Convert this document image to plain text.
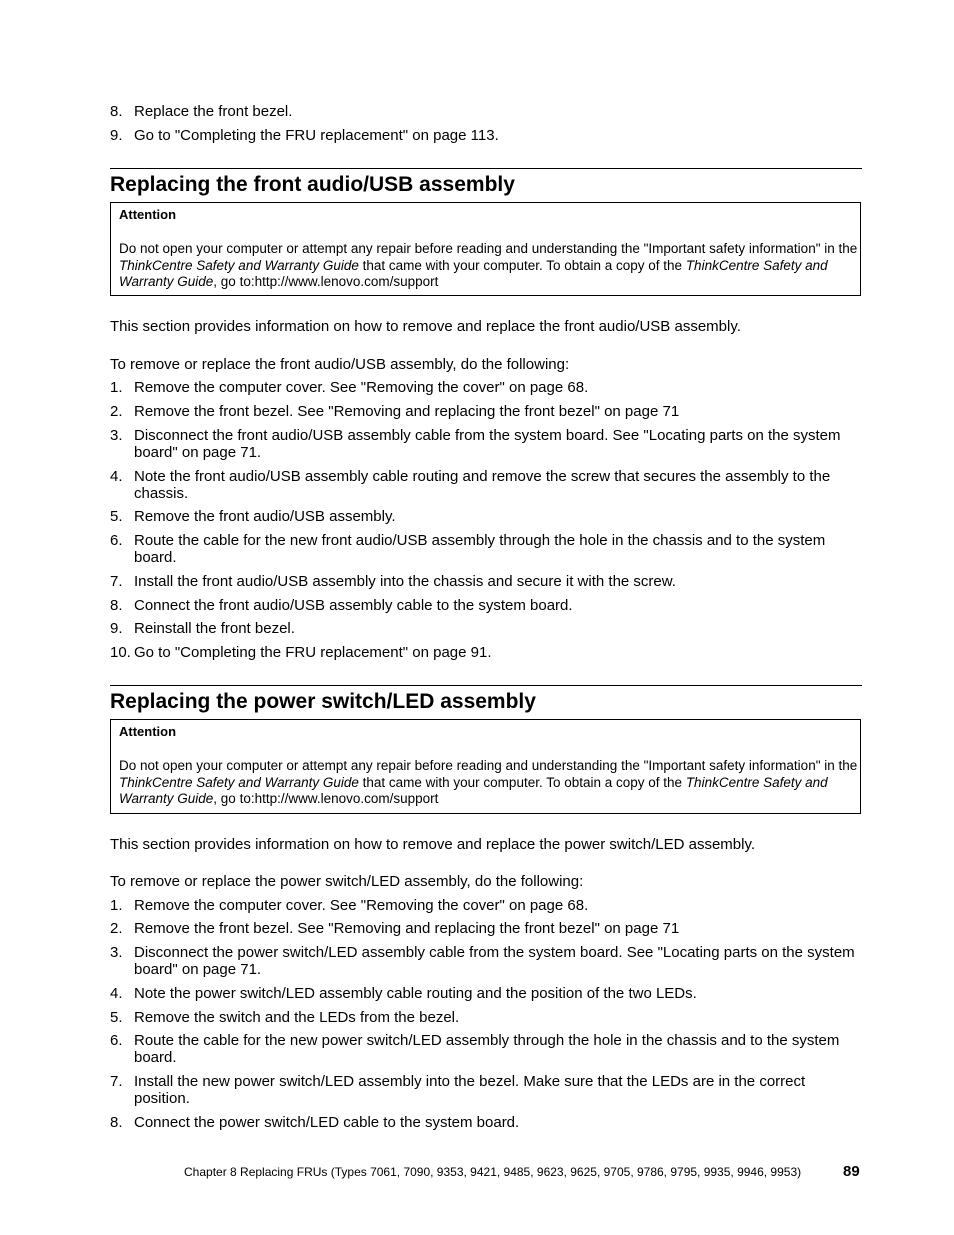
8. Replace the front bezel.
9. Go to "Completing the FRU replacement" on page 113.
Replacing the front audio/USB assembly
Attention
Do not open your computer or attempt any repair before reading and understanding the "Important safety information" in the ThinkCentre Safety and Warranty Guide that came with your computer. To obtain a copy of the ThinkCentre Safety and Warranty Guide, go to:http://www.lenovo.com/support
This section provides information on how to remove and replace the front audio/USB assembly.
To remove or replace the front audio/USB assembly, do the following:
1. Remove the computer cover. See "Removing the cover" on page 68.
2. Remove the front bezel. See "Removing and replacing the front bezel" on page 71
3. Disconnect the front audio/USB assembly cable from the system board. See "Locating parts on the system board" on page 71.
4. Note the front audio/USB assembly cable routing and remove the screw that secures the assembly to the chassis.
5. Remove the front audio/USB assembly.
6. Route the cable for the new front audio/USB assembly through the hole in the chassis and to the system board.
7. Install the front audio/USB assembly into the chassis and secure it with the screw.
8. Connect the front audio/USB assembly cable to the system board.
9. Reinstall the front bezel.
10. Go to "Completing the FRU replacement" on page 91.
Replacing the power switch/LED assembly
Attention
Do not open your computer or attempt any repair before reading and understanding the "Important safety information" in the ThinkCentre Safety and Warranty Guide that came with your computer. To obtain a copy of the ThinkCentre Safety and Warranty Guide, go to:http://www.lenovo.com/support
This section provides information on how to remove and replace the power switch/LED assembly.
To remove or replace the power switch/LED assembly, do the following:
1. Remove the computer cover. See "Removing the cover" on page 68.
2. Remove the front bezel. See "Removing and replacing the front bezel" on page 71
3. Disconnect the power switch/LED assembly cable from the system board. See "Locating parts on the system board" on page 71.
4. Note the power switch/LED assembly cable routing and the position of the two LEDs.
5. Remove the switch and the LEDs from the bezel.
6. Route the cable for the new power switch/LED assembly through the hole in the chassis and to the system board.
7. Install the new power switch/LED assembly into the bezel. Make sure that the LEDs are in the correct position.
8. Connect the power switch/LED cable to the system board.
Chapter 8 Replacing FRUs (Types 7061, 7090, 9353, 9421, 9485, 9623, 9625, 9705, 9786, 9795, 9935, 9946, 9953)	89
